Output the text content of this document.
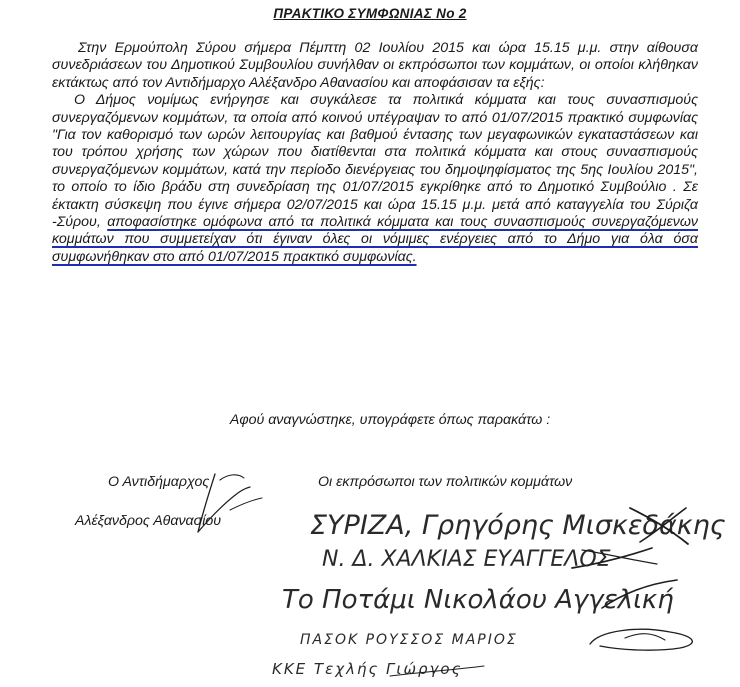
ΠΡΑΚΤΙΚΟ ΣΥΜΦΩΝΙΑΣ Νο 2

Στην Ερμούπολη Σύρου σήμερα Πέμπτη 02 Ιουλίου 2015 και ώρα 15.15 μ.μ. στην αίθουσα συνεδριάσεων του Δημοτικού Συμβουλίου συνήλθαν οι εκπρόσωποι των κομμάτων, οι οποίοι κλήθηκαν εκτάκτως από τον Αντιδήμαρχο Αλέξανδρο Αθανασίου και αποφάσισαν τα εξής:

Ο Δήμος νομίμως ενήργησε και συγκάλεσε τα πολιτικά κόμματα και τους συνασπισμούς συνεργαζόμενων κομμάτων, τα οποία από κοινού υπέγραψαν το από 01/07/2015 πρακτικό συμφωνίας "Για τον καθορισμό των ωρών λειτουργίας και βαθμού έντασης των μεγαφωνικών εγκαταστάσεων και του τρόπου χρήσης των χώρων που διατίθενται στα πολιτικά κόμματα και στους συνασπισμούς συνεργαζόμενων κομμάτων, κατά την περίοδο διενέργειας του δημοψηφίσματος της 5ης Ιουλίου 2015", το οποίο το ίδιο βράδυ στη συνεδρίαση της 01/07/2015 εγκρίθηκε από το Δημοτικό Συμβούλιο . Σε έκτακτη σύσκεψη που έγινε σήμερα 02/07/2015 και ώρα 15.15 μ.μ. μετά από καταγγελία του Σύριζα -Σύρου, αποφασίστηκε ομόφωνα από τα πολιτικά κόμματα και τους συνασπισμούς συνεργαζόμενων κομμάτων που συμμετείχαν ότι έγιναν όλες οι νόμιμες ενέργειες από το Δήμο για όλα όσα συμφωνήθηκαν στο από 01/07/2015 πρακτικό συμφωνίας.

Αφού αναγνώστηκε, υπογράφετε όπως παρακάτω :
Ο Αντιδήμαρχος
Αλέξανδρος Αθανασίου
Οι εκπρόσωποι των πολιτικών κομμάτων
ΣΥΡΙΖΑ, Γρηγόρης Μισκεδάκης
Ν. Δ. ΧΑΛΚΙΑΣ ΕΥΑΓΓΕΛΟΣ
Το Ποτάμι Νικολάου Αγγελική
ΠΑΣΟΚ ΡΟΥΣΣΟΣ ΜΑΡΙΟΣ
ΚΚΕ Τεχλής Γιώργος
